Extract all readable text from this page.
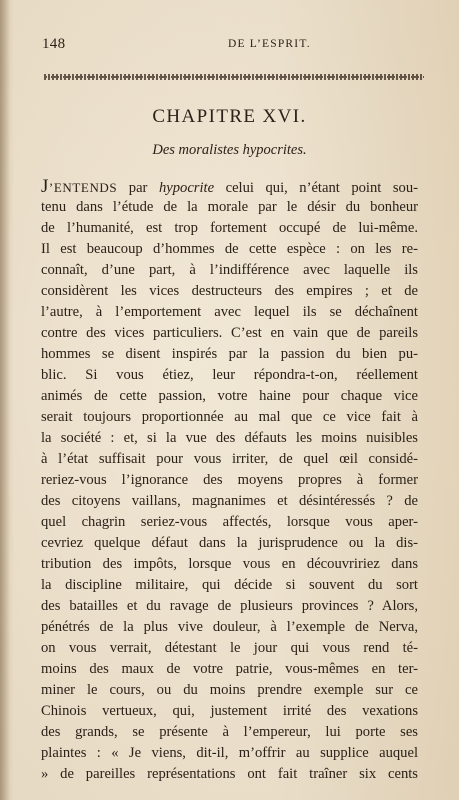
148	DE L’ESPRIT.
CHAPITRE XVI.
Des moralistes hypocrites.
J’ENTENDS par hypocrite celui qui, n’étant point sou-
tenu dans l’étude de la morale par le désir du bonheur
de l’humanité, est trop fortement occupé de lui-même.
Il est beaucoup d’hommes de cette espèce : on les re-
connaît, d’une part, à l’indifférence avec laquelle ils
considèrent les vices destructeurs des empires ; et de
l’autre, à l’emportement avec lequel ils se déchaînent
contre des vices particuliers. C’est en vain que de pareils
hommes se disent inspirés par la passion du bien pu-
blic. Si vous étiez, leur répondra-t-on, réellement
animés de cette passion, votre haine pour chaque vice
serait toujours proportionnée au mal que ce vice fait à
la société : et, si la vue des défauts les moins nuisibles
à l’état suffisait pour vous irriter, de quel œil considé-
reriez-vous l’ignorance des moyens propres à former
des citoyens vaillans, magnanimes et désintéressés ? de
quel chagrin seriez-vous affectés, lorsque vous aper-
cevriez quelque défaut dans la jurisprudence ou la dis-
tribution des impôts, lorsque vous en découvririez dans
la discipline militaire, qui décide si souvent du sort
des batailles et du ravage de plusieurs provinces ? Alors,
pénétrés de la plus vive douleur, à l’exemple de Nerva,
on vous verrait, détestant le jour qui vous rend té-
moins des maux de votre patrie, vous-mêmes en ter-
miner le cours, ou du moins prendre exemple sur ce
Chinois vertueux, qui, justement irrité des vexations
des grands, se présente à l’empereur, lui porte ses
plaintes : « Je viens, dit-il, m’offrir au supplice auquel
» de pareilles représentations ont fait traîner six cents
